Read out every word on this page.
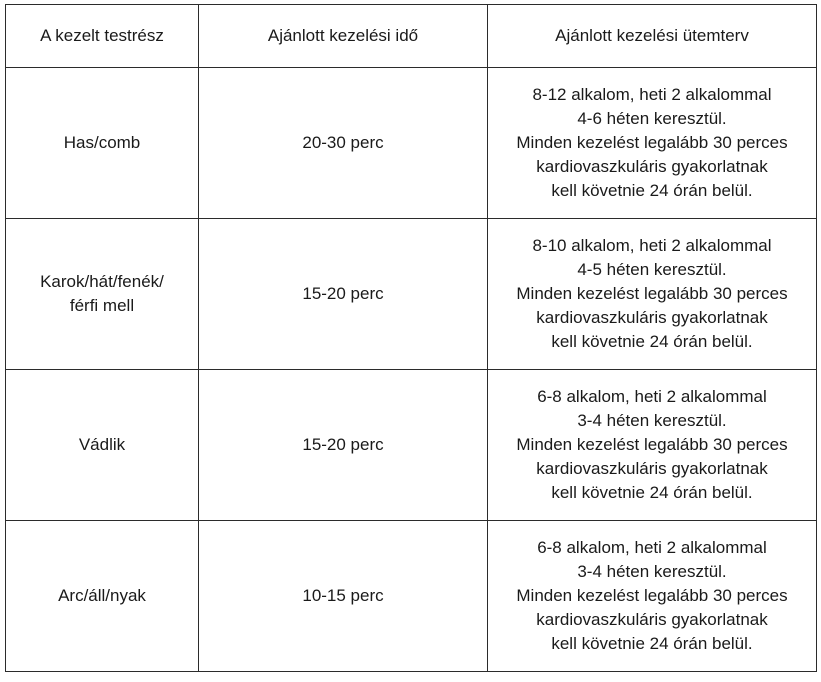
A kezelt testrész	Ajánlott kezelési idő	Ajánlott kezelési ütemterv

Has/comb	20-30 perc	8-12 alkalom, heti 2 alkalommal
4-6 héten keresztül.
Minden kezelést legalább 30 perces
kardiovaszkuláris gyakorlatnak
kell követnie 24 órán belül.

Karok/hát/fenék/
férfi mell	15-20 perc	8-10 alkalom, heti 2 alkalommal
4-5 héten keresztül.
Minden kezelést legalább 30 perces
kardiovaszkuláris gyakorlatnak
kell követnie 24 órán belül.

Vádlik	15-20 perc	6-8 alkalom, heti 2 alkalommal
3-4 héten keresztül.
Minden kezelést legalább 30 perces
kardiovaszkuláris gyakorlatnak
kell követnie 24 órán belül.

Arc/áll/nyak	10-15 perc	6-8 alkalom, heti 2 alkalommal
3-4 héten keresztül.
Minden kezelést legalább 30 perces
kardiovaszkuláris gyakorlatnak
kell követnie 24 órán belül.
